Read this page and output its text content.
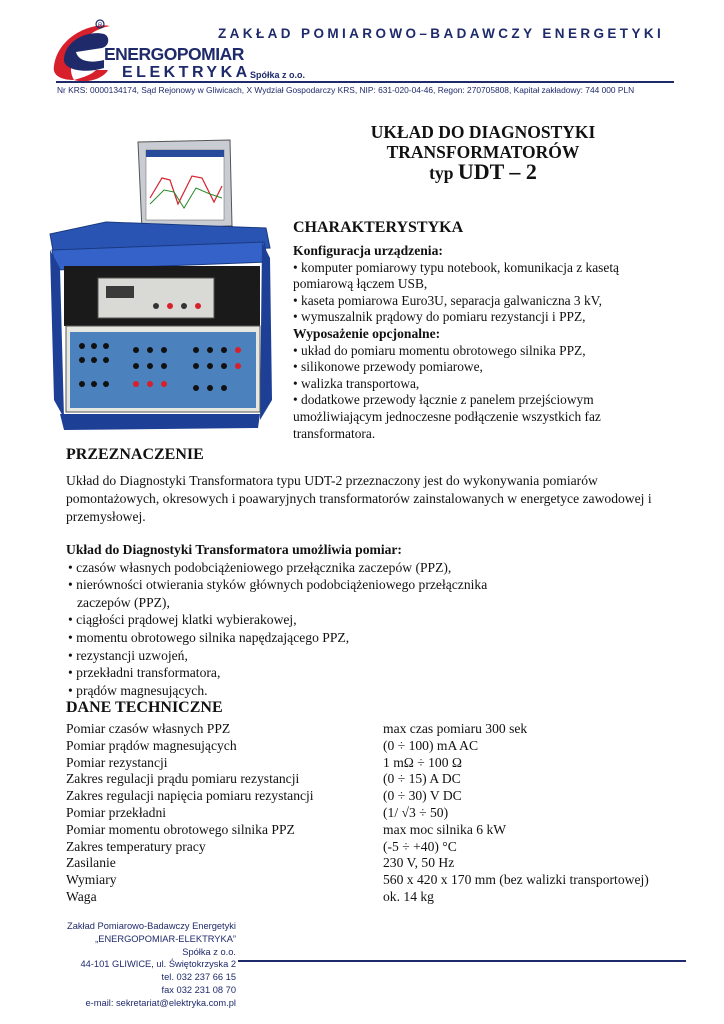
ZAKŁAD POMIAROWO–BADAWCZY ENERGETYKI
R
ENERGOPOMIAR
ELEKTRYKA Spółka z o.o.
Nr KRS: 0000134174, Sąd Rejonowy w Gliwicach, X Wydział Gospodarczy KRS, NIP: 631-020-04-46, Regon: 270705808, Kapitał zakładowy: 744 000 PLN
UKŁAD DO DIAGNOSTYKI
TRANSFORMATORÓW
typ UDT – 2
CHARAKTERYSTYKA
Konfiguracja urządzenia:
• komputer pomiarowy typu notebook, komunikacja z kasetą
pomiarową łączem USB,
• kaseta pomiarowa Euro3U, separacja galwaniczna 3 kV,
• wymuszalnik prądowy do pomiaru rezystancji i PPZ,
Wyposażenie opcjonalne:
• układ do pomiaru momentu obrotowego silnika PPZ,
• silikonowe przewody pomiarowe,
• walizka transportowa,
• dodatkowe przewody łącznie z panelem przejściowym
umożliwiającym jednoczesne podłączenie wszystkich faz
transformatora.
PRZEZNACZENIE
Układ do Diagnostyki Transformatora typu UDT-2 przeznaczony jest do wykonywania pomiarów pomontażowych, okresowych i poawaryjnych transformatorów zainstalowanych w energetyce zawodowej i przemysłowej.
Układ do Diagnostyki Transformatora umożliwia pomiar:
• czasów własnych podobciążeniowego przełącznika zaczepów (PPZ),
• nierówności otwierania styków głównych podobciążeniowego przełącznika
zaczepów (PPZ),
• ciągłości prądowej klatki wybierakowej,
• momentu obrotowego silnika napędzającego PPZ,
• rezystancji uzwojeń,
• przekładni transformatora,
• prądów magnesujących.
DANE TECHNICZNE
Pomiar czasów własnych PPZ	max czas pomiaru 300 sek
Pomiar prądów magnesujących	(0 ÷ 100) mA AC
Pomiar rezystancji	1 mΩ ÷ 100 Ω
Zakres regulacji prądu pomiaru rezystancji	(0 ÷ 15) A DC
Zakres regulacji napięcia pomiaru rezystancji	(0 ÷ 30) V DC
Pomiar przekładni	(1/ √3 ÷ 50)
Pomiar momentu obrotowego silnika PPZ	max moc silnika 6 kW
Zakres temperatury pracy	(-5 ÷ +40) °C
Zasilanie	230 V, 50 Hz
Wymiary	560 x 420 x 170 mm (bez walizki transportowej)
Waga	ok. 14 kg
Zakład Pomiarowo-Badawczy Energetyki
„ENERGOPOMIAR-ELEKTRYKA”
Spółka z o.o.
44-101 GLIWICE, ul. Świętokrzyska 2
tel. 032 237 66 15
fax 032 231 08 70
e-mail: sekretariat@elektryka.com.pl
